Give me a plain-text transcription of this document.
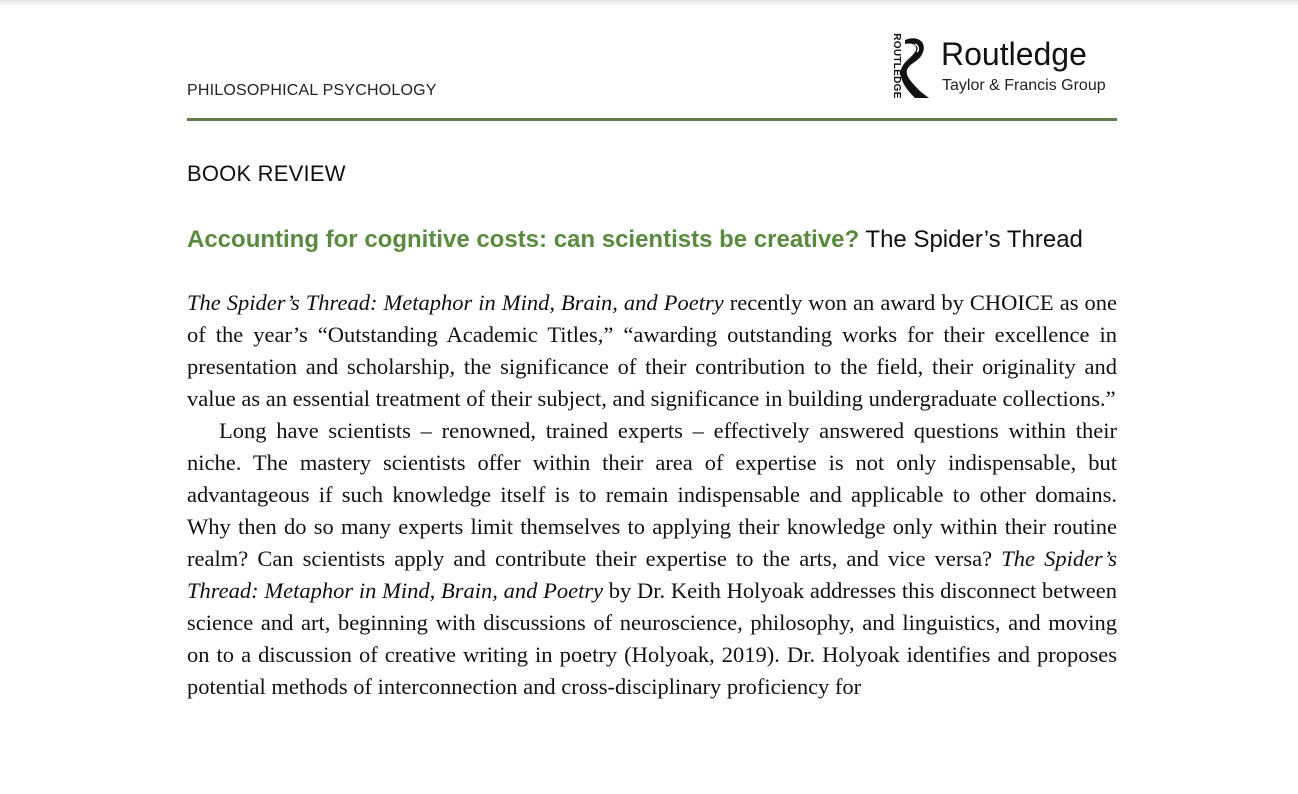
PHILOSOPHICAL PSYCHOLOGY	ROUTLEDGE Routledge
Taylor & Francis Group
BOOK REVIEW
Accounting for cognitive costs: can scientists be creative? The Spider’s Thread

The Spider’s Thread: Metaphor in Mind, Brain, and Poetry recently won an award by CHOICE as one of the year’s “Outstanding Academic Titles,” “awarding outstanding works for their excellence in presentation and scholarship, the significance of their contribution to the field, their originality and value as an essential treatment of their subject, and significance in building undergraduate collections.”

Long have scientists – renowned, trained experts – effectively answered questions within their niche. The mastery scientists offer within their area of expertise is not only indispensable, but advantageous if such knowledge itself is to remain indispensable and applicable to other domains. Why then do so many experts limit themselves to applying their knowledge only within their routine realm? Can scientists apply and contribute their expertise to the arts, and vice versa? The Spider’s Thread: Metaphor in Mind, Brain, and Poetry by Dr. Keith Holyoak addresses this disconnect between science and art, beginning with discussions of neuroscience, philosophy, and linguistics, and moving on to a discussion of creative writing in poetry (Holyoak, 2019). Dr. Holyoak identifies and proposes potential methods of interconnection and cross-disciplinary proficiency for
